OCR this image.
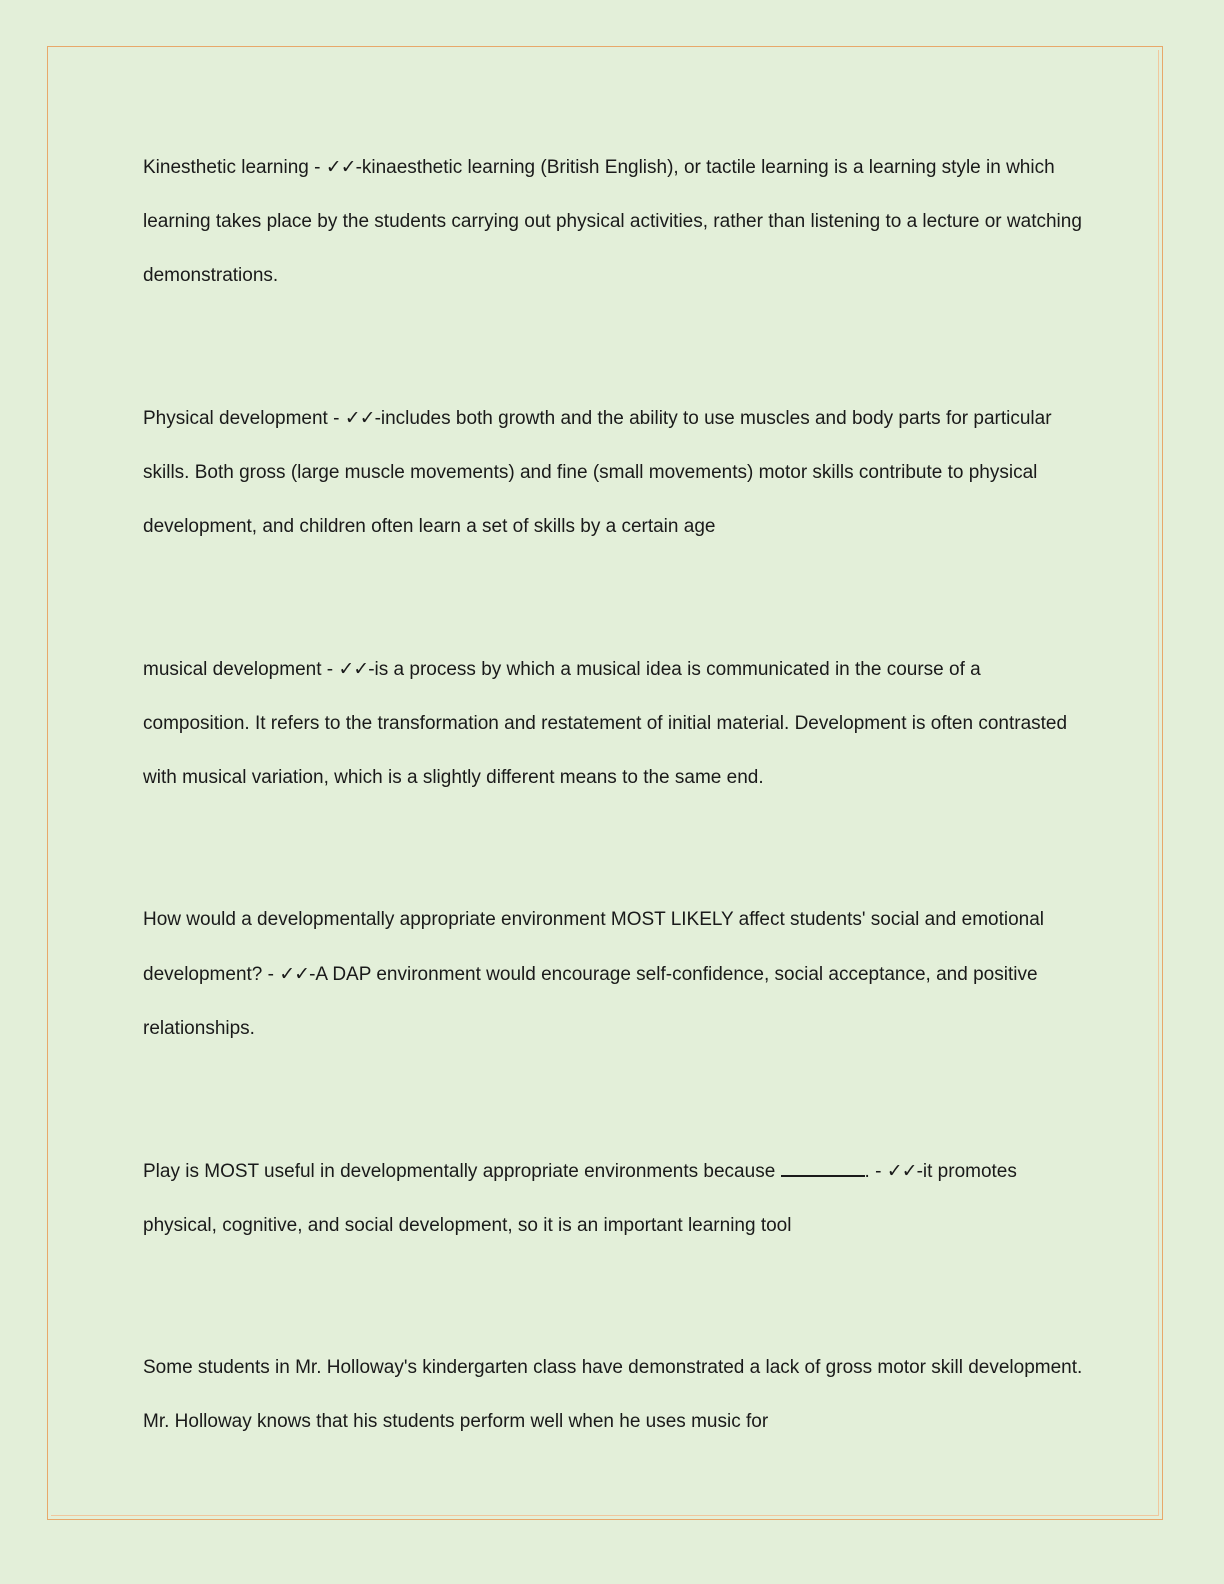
Kinesthetic learning - ✓✓-kinaesthetic learning (British English), or tactile learning is a learning style in which learning takes place by the students carrying out physical activities, rather than listening to a lecture or watching demonstrations.

Physical development - ✓✓-includes both growth and the ability to use muscles and body parts for particular skills. Both gross (large muscle movements) and fine (small movements) motor skills contribute to physical development, and children often learn a set of skills by a certain age

musical development - ✓✓-is a process by which a musical idea is communicated in the course of a composition. It refers to the transformation and restatement of initial material. Development is often contrasted with musical variation, which is a slightly different means to the same end.

How would a developmentally appropriate environment MOST LIKELY affect students' social and emotional development? - ✓✓-A DAP environment would encourage self-confidence, social acceptance, and positive relationships.

Play is MOST useful in developmentally appropriate environments because	. - ✓✓-it promotes physical, cognitive, and social development, so it is an important learning tool

Some students in Mr. Holloway's kindergarten class have demonstrated a lack of gross motor skill development. Mr. Holloway knows that his students perform well when he uses music for
